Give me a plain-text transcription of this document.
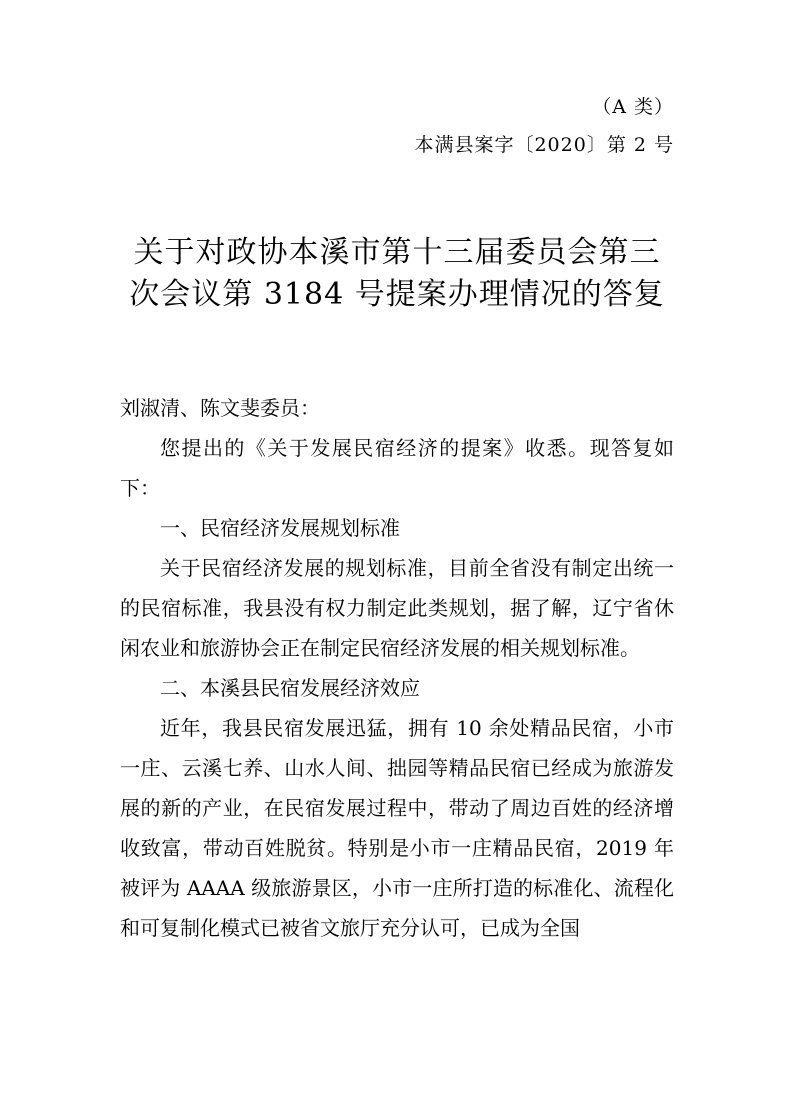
（A 类）
本满县案字〔2020〕第 2 号
关于对政协本溪市第十三届委员会第三次会议第 3184 号提案办理情况的答复

刘淑清、陈文斐委员：

您提出的《关于发展民宿经济的提案》收悉。现答复如下：

一、民宿经济发展规划标准

关于民宿经济发展的规划标准，目前全省没有制定出统一的民宿标准，我县没有权力制定此类规划，据了解，辽宁省休闲农业和旅游协会正在制定民宿经济发展的相关规划标准。

二、本溪县民宿发展经济效应

近年，我县民宿发展迅猛，拥有 10 余处精品民宿，小市一庄、云溪七养、山水人间、拙园等精品民宿已经成为旅游发展的新的产业，在民宿发展过程中，带动了周边百姓的经济增收致富，带动百姓脱贫。特别是小市一庄精品民宿，2019 年被评为 AAAA 级旅游景区，小市一庄所打造的标准化、流程化和可复制化模式已被省文旅厅充分认可，已成为全国
